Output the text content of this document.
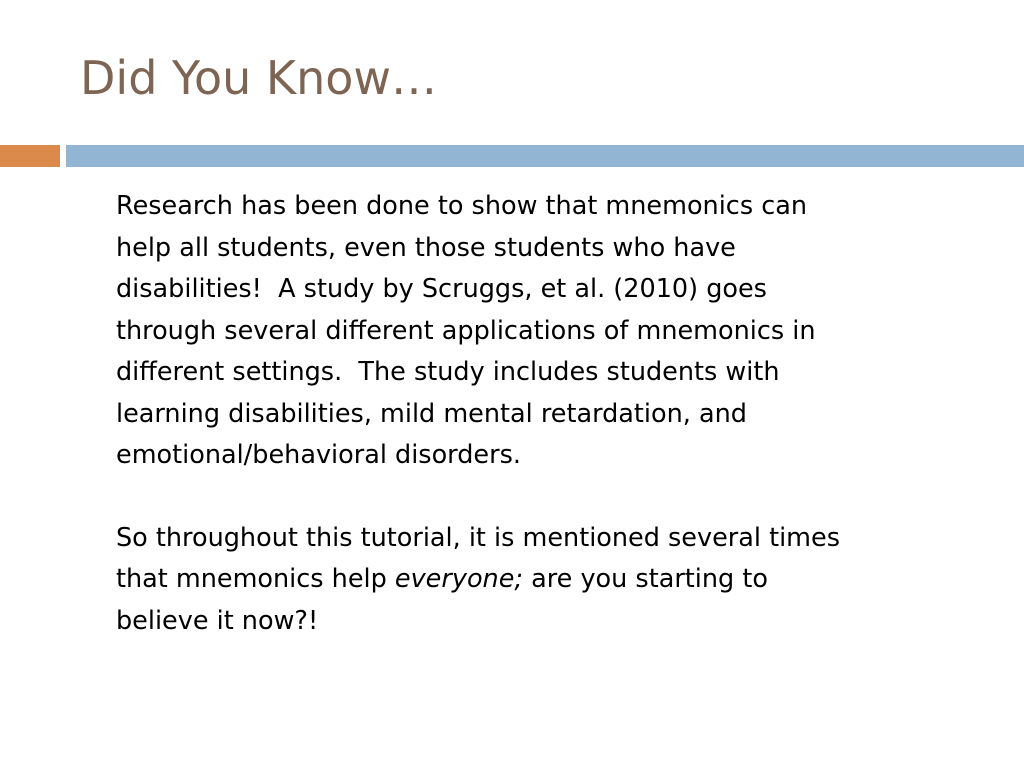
Did You Know…

Research has been done to show that mnemonics can
help all students, even those students who have
disabilities!  A study by Scruggs, et al. (2010) goes
through several different applications of mnemonics in
different settings.  The study includes students with
learning disabilities, mild mental retardation, and
emotional/behavioral disorders.

So throughout this tutorial, it is mentioned several times
that mnemonics help everyone; are you starting to
believe it now?!
